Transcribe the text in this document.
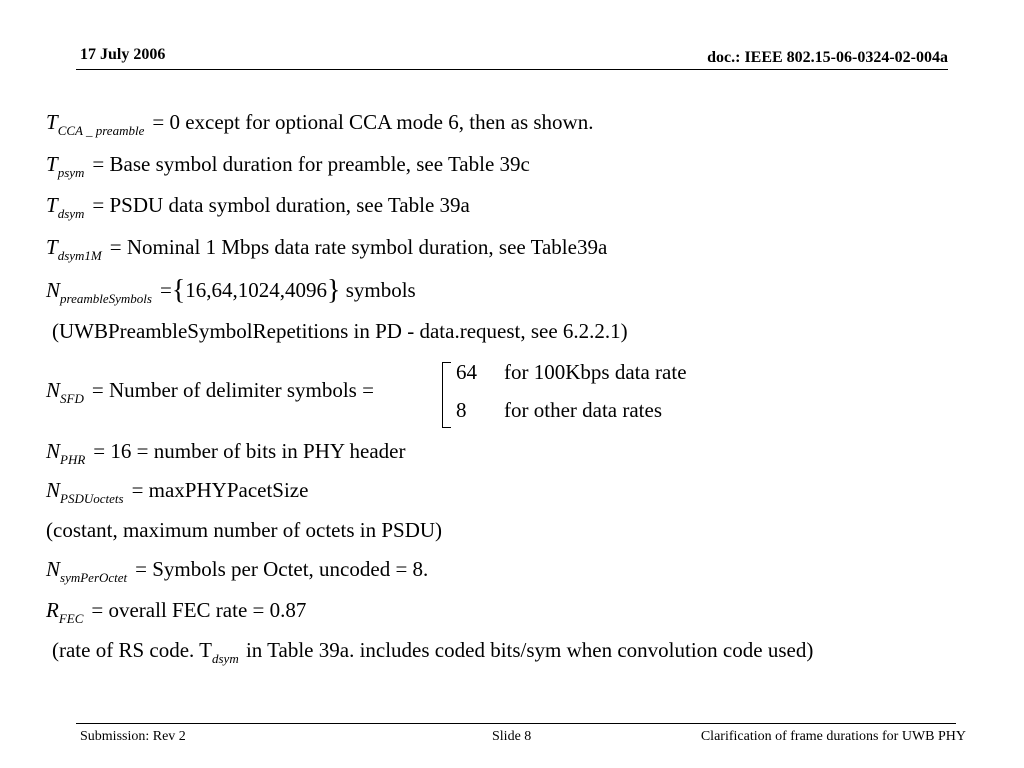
17 July 2006	doc.: IEEE 802.15-06-0324-02-004a
$T_{CCA \_ preamble} = 0$ except for optional CCA mode 6, then as shown.
$T_{psym}$ = Base symbol duration for preamble, see Table 39c
$T_{dsym}$ = PSDU data symbol duration, see Table 39a
$T_{dsym1M}$ = Nominal 1 Mbps data rate symbol duration, see Table39a
$N_{preambleSymbols} =\{16,64,1024,4096\}$ symbols
(UWBPreambleSymbolRepetitions in PD - data.request, see 6.2.2.1)
$N_{SFD}$ = Number of delimiter symbols =
64 for 100Kbps data rate
8 for other data rates
$N_{PHR} = 16$ = number of bits in PHY header
$N_{PSDUoctets}$ = maxPHYPacetSize
(costant, maximum number of octets in PSDU)
$N_{symPerOctet}$ = Symbols per Octet, uncoded = 8.
$R_{FEC}$ = overall FEC rate = 0.87
(rate of RS code. $T_{dsym}$ in Table 39a. includes coded bits/sym when convolution code used)
Submission: Rev 2	Slide 8	Clarification of frame durations for UWB PHY
